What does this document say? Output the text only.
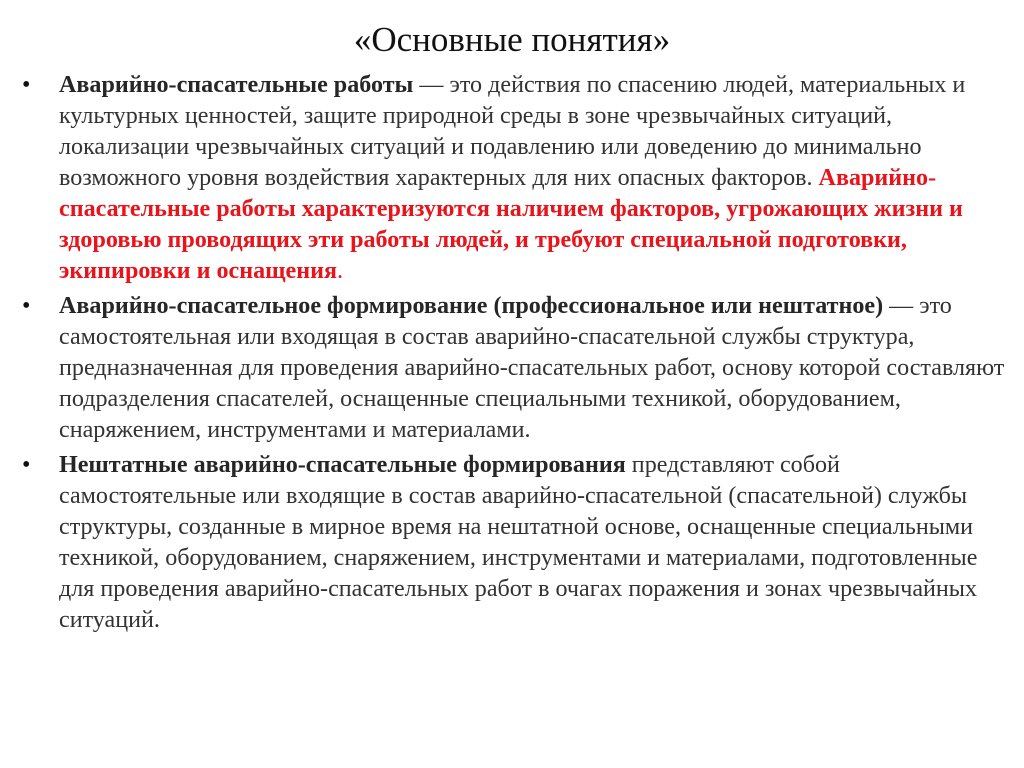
«Основные понятия»
• Аварийно-спасательные работы — это действия по спасению людей, материальных и культурных ценностей, защите природной среды в зоне чрезвычайных ситуаций, локализации чрезвычайных ситуаций и подавлению или доведению до минимально возможного уровня воздействия характерных для них опасных факторов. Аварийно-спасательные работы характеризуются наличием факторов, угрожающих жизни и здоровью проводящих эти работы людей, и требуют специальной подготовки, экипировки и оснащения.
• Аварийно-спасательное формирование (профессиональное или нештатное) — это самостоятельная или входящая в состав аварийно-спасательной службы структура, предназначенная для проведения аварийно-спасательных работ, основу которой составляют подразделения спасателей, оснащенные специальными техникой, оборудованием, снаряжением, инструментами и материалами.
• Нештатные аварийно-спасательные формирования представляют собой самостоятельные или входящие в состав аварийно-спасательной (спасательной) службы структуры, созданные в мирное время на нештатной основе, оснащенные специальными техникой, оборудованием, снаряжением, инструментами и материалами, подготовленные для проведения аварийно-спасательных работ в очагах поражения и зонах чрезвычайных ситуаций.
